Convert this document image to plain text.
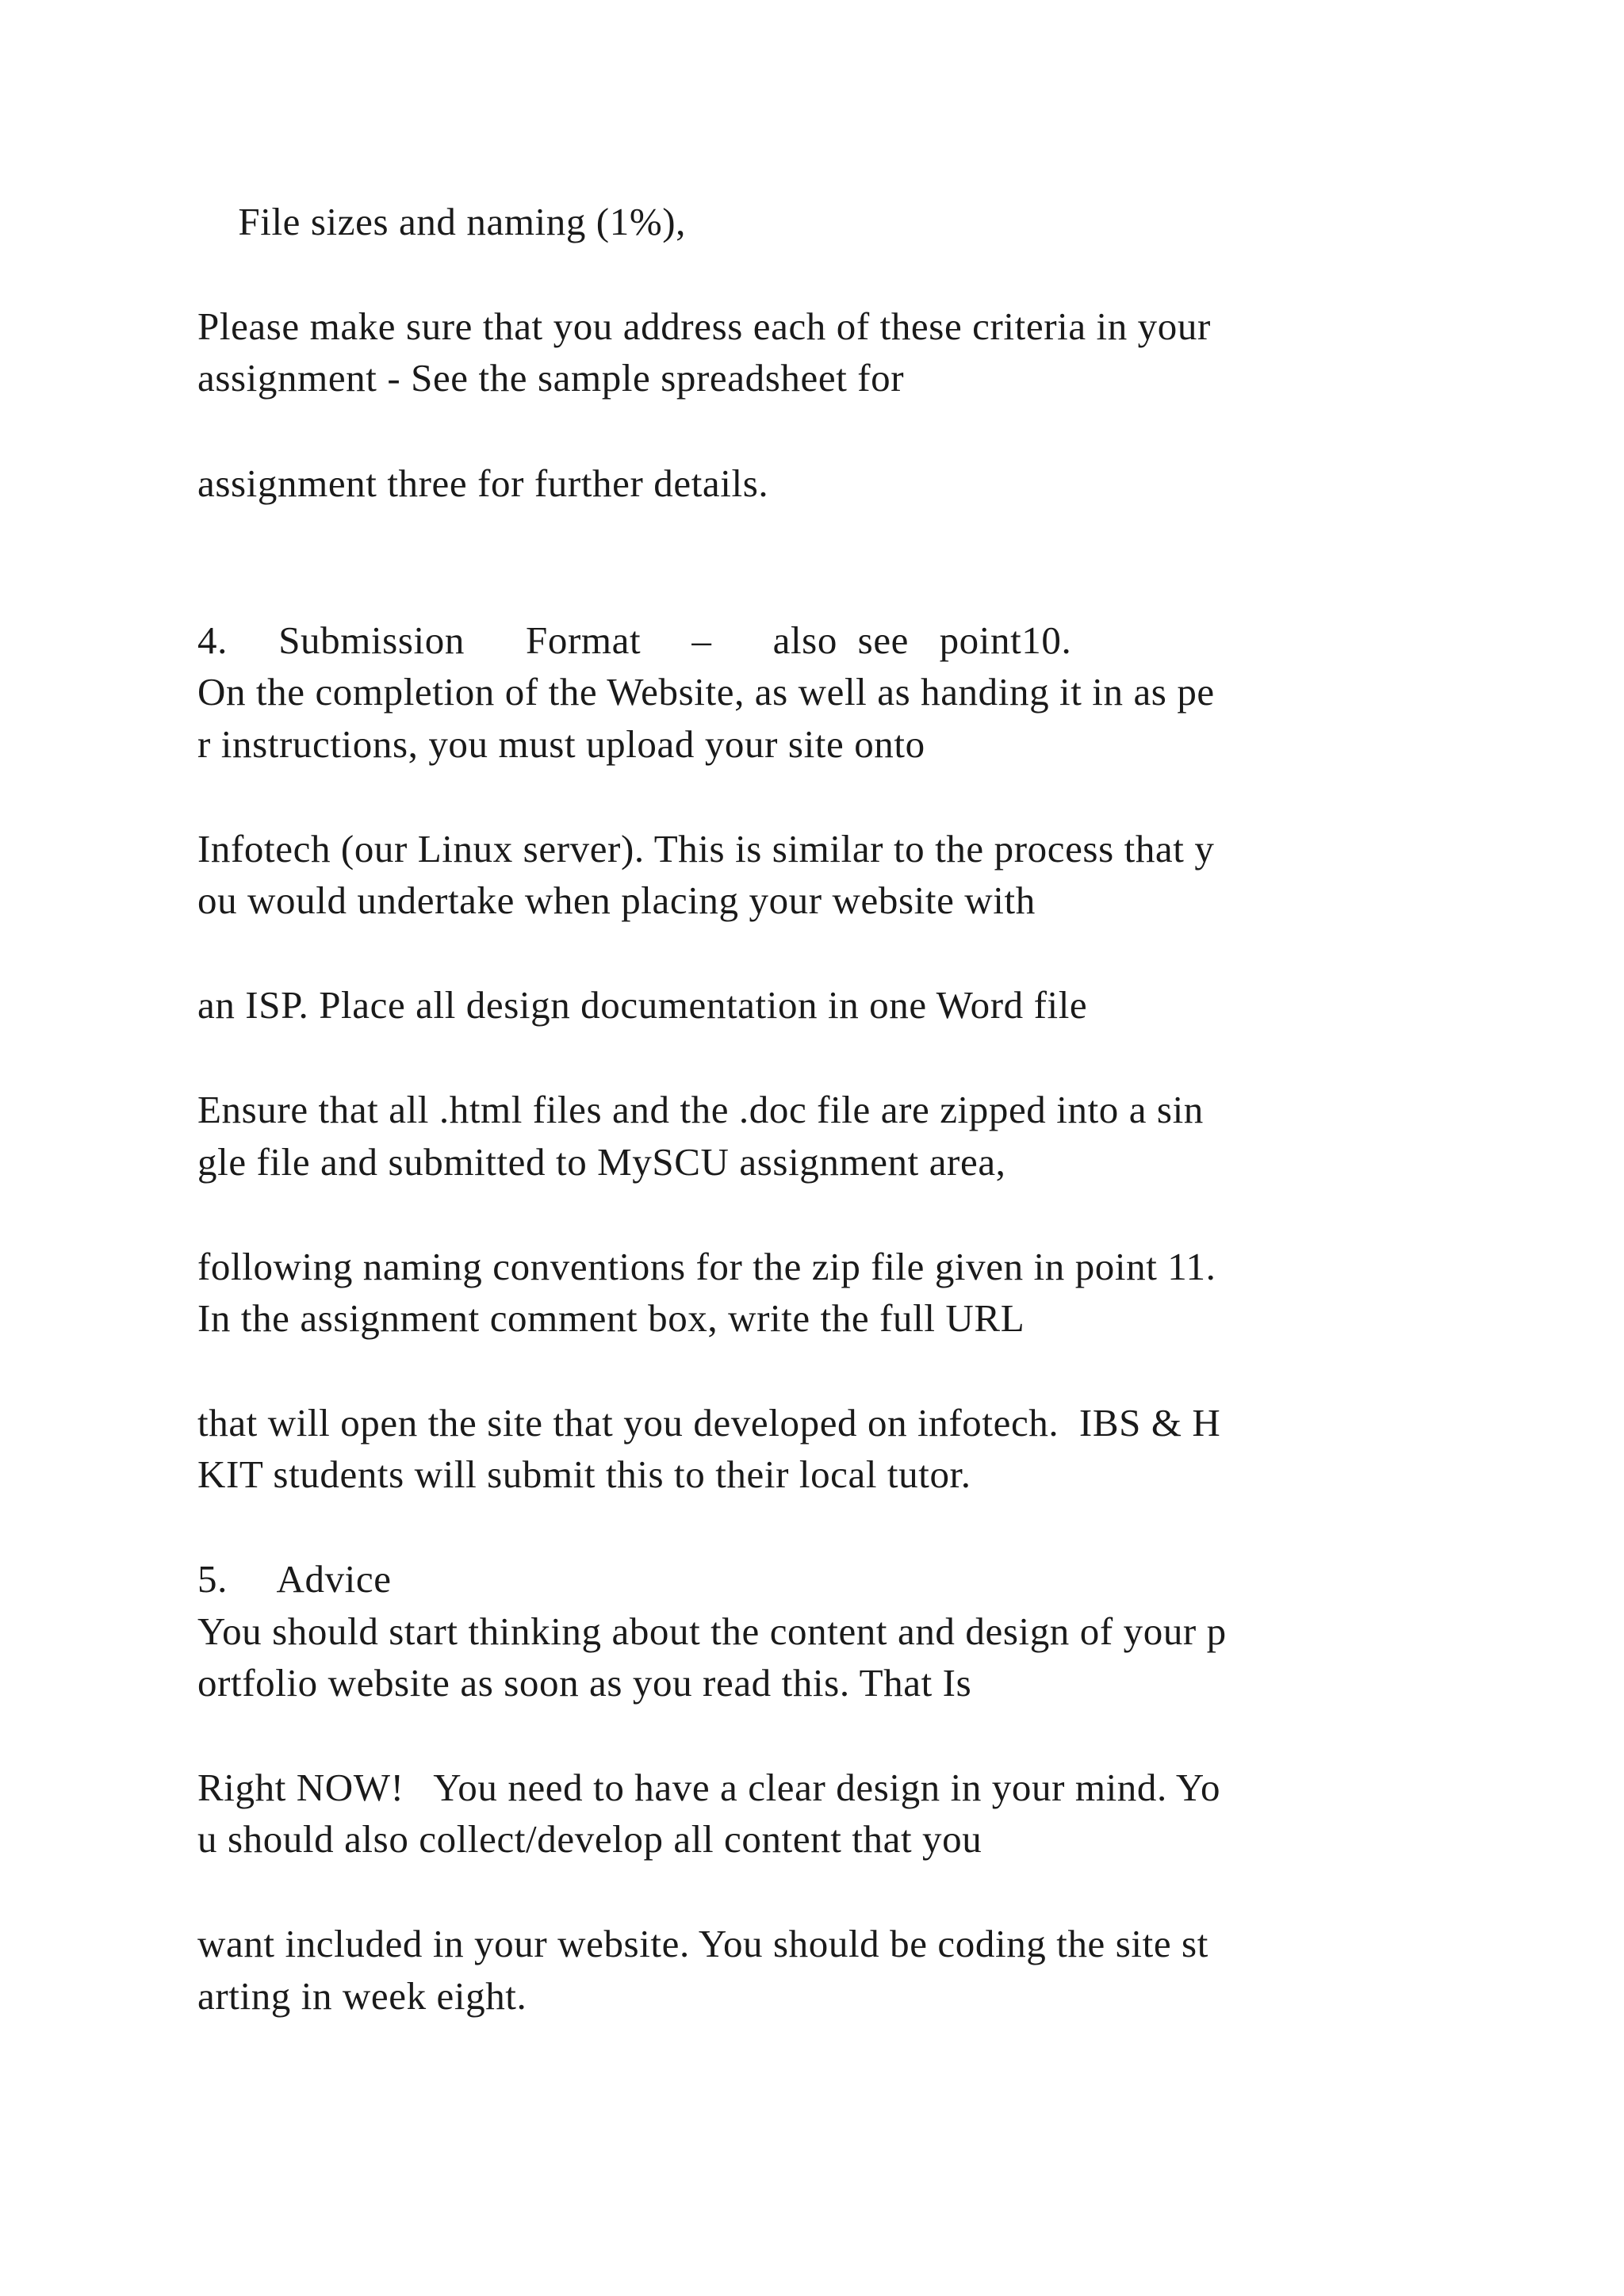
File sizes and naming (1%),

Please make sure that you address each of these criteria in your

assignment - See the sample spreadsheet for

assignment three for further details.

4.     Submission      Format     –      also  see   point10.

On the completion of the Website, as well as handing it in as pe

r instructions, you must upload your site onto

Infotech (our Linux server). This is similar to the process that y

ou would undertake when placing your website with

an ISP. Place all design documentation in one Word file

Ensure that all .html files and the .doc file are zipped into a sin

gle file and submitted to MySCU assignment area,

following naming conventions for the zip file given in point 11.

In the assignment comment box, write the full URL

that will open the site that you developed on infotech.  IBS & H

KIT students will submit this to their local tutor.

5.     Advice

You should start thinking about the content and design of your p

ortfolio website as soon as you read this. That Is

Right NOW!   You need to have a clear design in your mind. Yo

u should also collect/develop all content that you

want included in your website. You should be coding the site st

arting in week eight.
